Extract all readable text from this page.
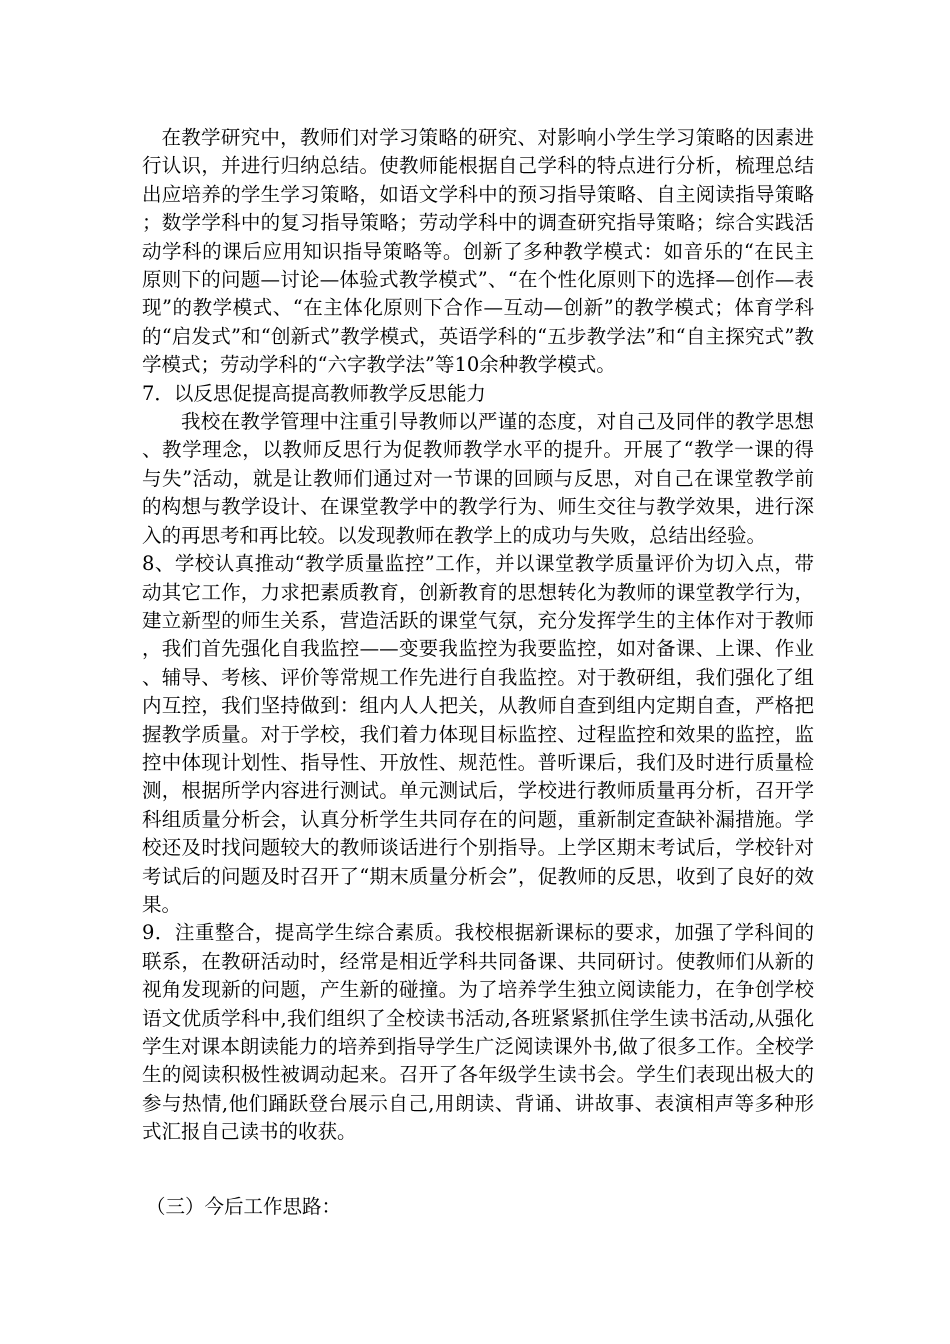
在教学研究中，教师们对学习策略的研究、对影响小学生学习策略的因素进行认识，并进行归纳总结。使教师能根据自己学科的特点进行分析，梳理总结出应培养的学生学习策略，如语文学科中的预习指导策略、自主阅读指导策略；数学学科中的复习指导策略；劳动学科中的调查研究指导策略；综合实践活动学科的课后应用知识指导策略等。创新了多种教学模式：如音乐的“在民主原则下的问题—讨论—体验式教学模式”、“在个性化原则下的选择—创作—表现”的教学模式、“在主体化原则下合作—互动—创新”的教学模式；体育学科的“启发式”和“创新式”教学模式，英语学科的“五步教学法”和“自主探究式”教学模式；劳动学科的“六字教学法”等10余种教学模式。

7．以反思促提高提高教师教学反思能力

我校在教学管理中注重引导教师以严谨的态度，对自己及同伴的教学思想、教学理念，以教师反思行为促教师教学水平的提升。开展了“教学一课的得与失”活动，就是让教师们通过对一节课的回顾与反思，对自己在课堂教学前的构想与教学设计、在课堂教学中的教学行为、师生交往与教学效果，进行深入的再思考和再比较。以发现教师在教学上的成功与失败，总结出经验。

8、学校认真推动“教学质量监控”工作，并以课堂教学质量评价为切入点，带动其它工作，力求把素质教育，创新教育的思想转化为教师的课堂教学行为，建立新型的师生关系，营造活跃的课堂气氛，充分发挥学生的主体作对于教师，我们首先强化自我监控——变要我监控为我要监控，如对备课、上课、作业、辅导、考核、评价等常规工作先进行自我监控。对于教研组，我们强化了组内互控，我们坚持做到：组内人人把关，从教师自查到组内定期自查，严格把握教学质量。对于学校，我们着力体现目标监控、过程监控和效果的监控，监控中体现计划性、指导性、开放性、规范性。普听课后，我们及时进行质量检测，根据所学内容进行测试。单元测试后，学校进行教师质量再分析，召开学科组质量分析会，认真分析学生共同存在的问题，重新制定查缺补漏措施。学校还及时找问题较大的教师谈话进行个别指导。上学区期末考试后，学校针对考试后的问题及时召开了“期末质量分析会”，促教师的反思，收到了良好的效果。

9．注重整合，提高学生综合素质。我校根据新课标的要求，加强了学科间的联系，在教研活动时，经常是相近学科共同备课、共同研讨。使教师们从新的视角发现新的问题，产生新的碰撞。为了培养学生独立阅读能力，在争创学校语文优质学科中,我们组织了全校读书活动,各班紧紧抓住学生读书活动,从强化学生对课本朗读能力的培养到指导学生广泛阅读课外书,做了很多工作。全校学生的阅读积极性被调动起来。召开了各年级学生读书会。学生们表现出极大的参与热情,他们踊跃登台展示自己,用朗读、背诵、讲故事、表演相声等多种形式汇报自己读书的收获。

（三）今后工作思路：
